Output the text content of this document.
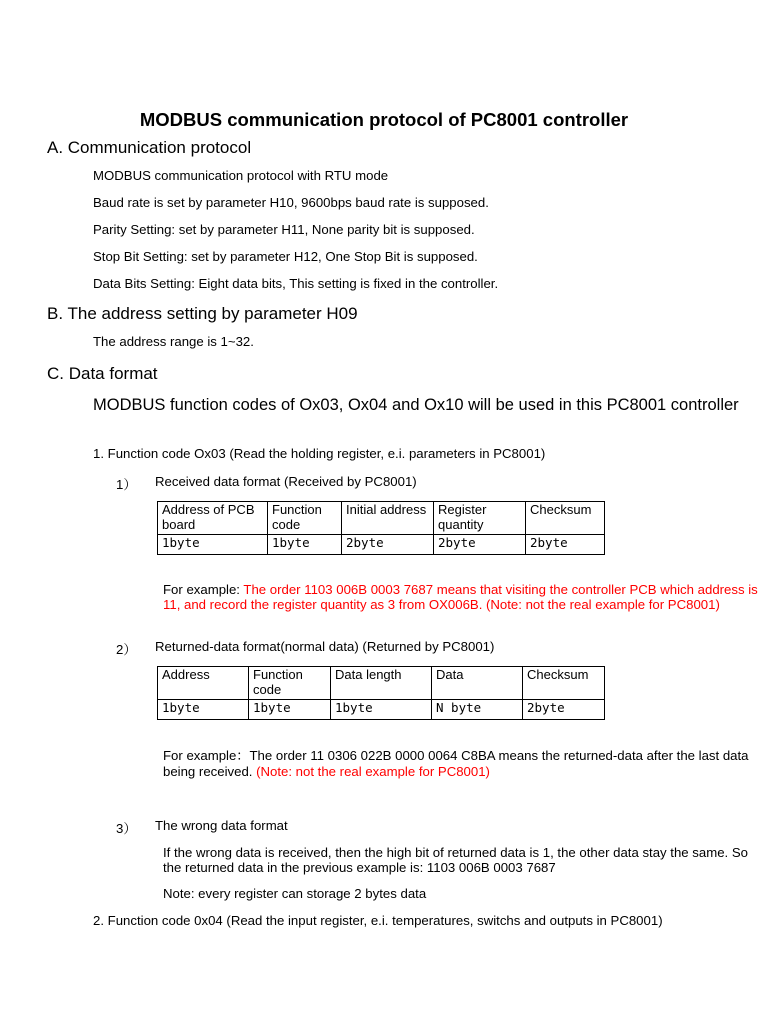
MODBUS communication protocol of PC8001 controller

A. Communication protocol

MODBUS communication protocol with RTU mode

Baud rate is set by parameter H10, 9600bps baud rate is supposed.

Parity Setting: set by parameter H11, None parity bit is supposed.

Stop Bit Setting: set by parameter H12, One Stop Bit is supposed.

Data Bits Setting: Eight data bits, This setting is fixed in the controller.

B. The address setting by parameter H09

The address range is 1~32.

C. Data format

MODBUS function codes of Ox03, Ox04 and Ox10 will be used in this PC8001 controller

1. Function code Ox03 (Read the holding register, e.i. parameters in PC8001)

1） Received data format (Received by PC8001)

Address of PCB board	Function code	Initial address	Register quantity	Checksum
1byte	1byte	2byte	2byte	2byte

For example: The order 1103 006B 0003 7687 means that visiting the controller PCB which address is 11, and record the register quantity as 3 from OX006B. (Note: not the real example for PC8001)

2） Returned-data format(normal data) (Returned by PC8001)

Address	Function code	Data length	Data	Checksum
1byte	1byte	1byte	N byte	2byte

For example：The order 11 0306 022B 0000 0064 C8BA means the returned-data after the last data being received. (Note: not the real example for PC8001)

3） The wrong data format

If the wrong data is received, then the high bit of returned data is 1, the other data stay the same. So the returned data in the previous example is: 1103 006B 0003 7687

Note: every register can storage 2 bytes data

2. Function code 0x04 (Read the input register, e.i. temperatures, switchs and outputs in PC8001)
